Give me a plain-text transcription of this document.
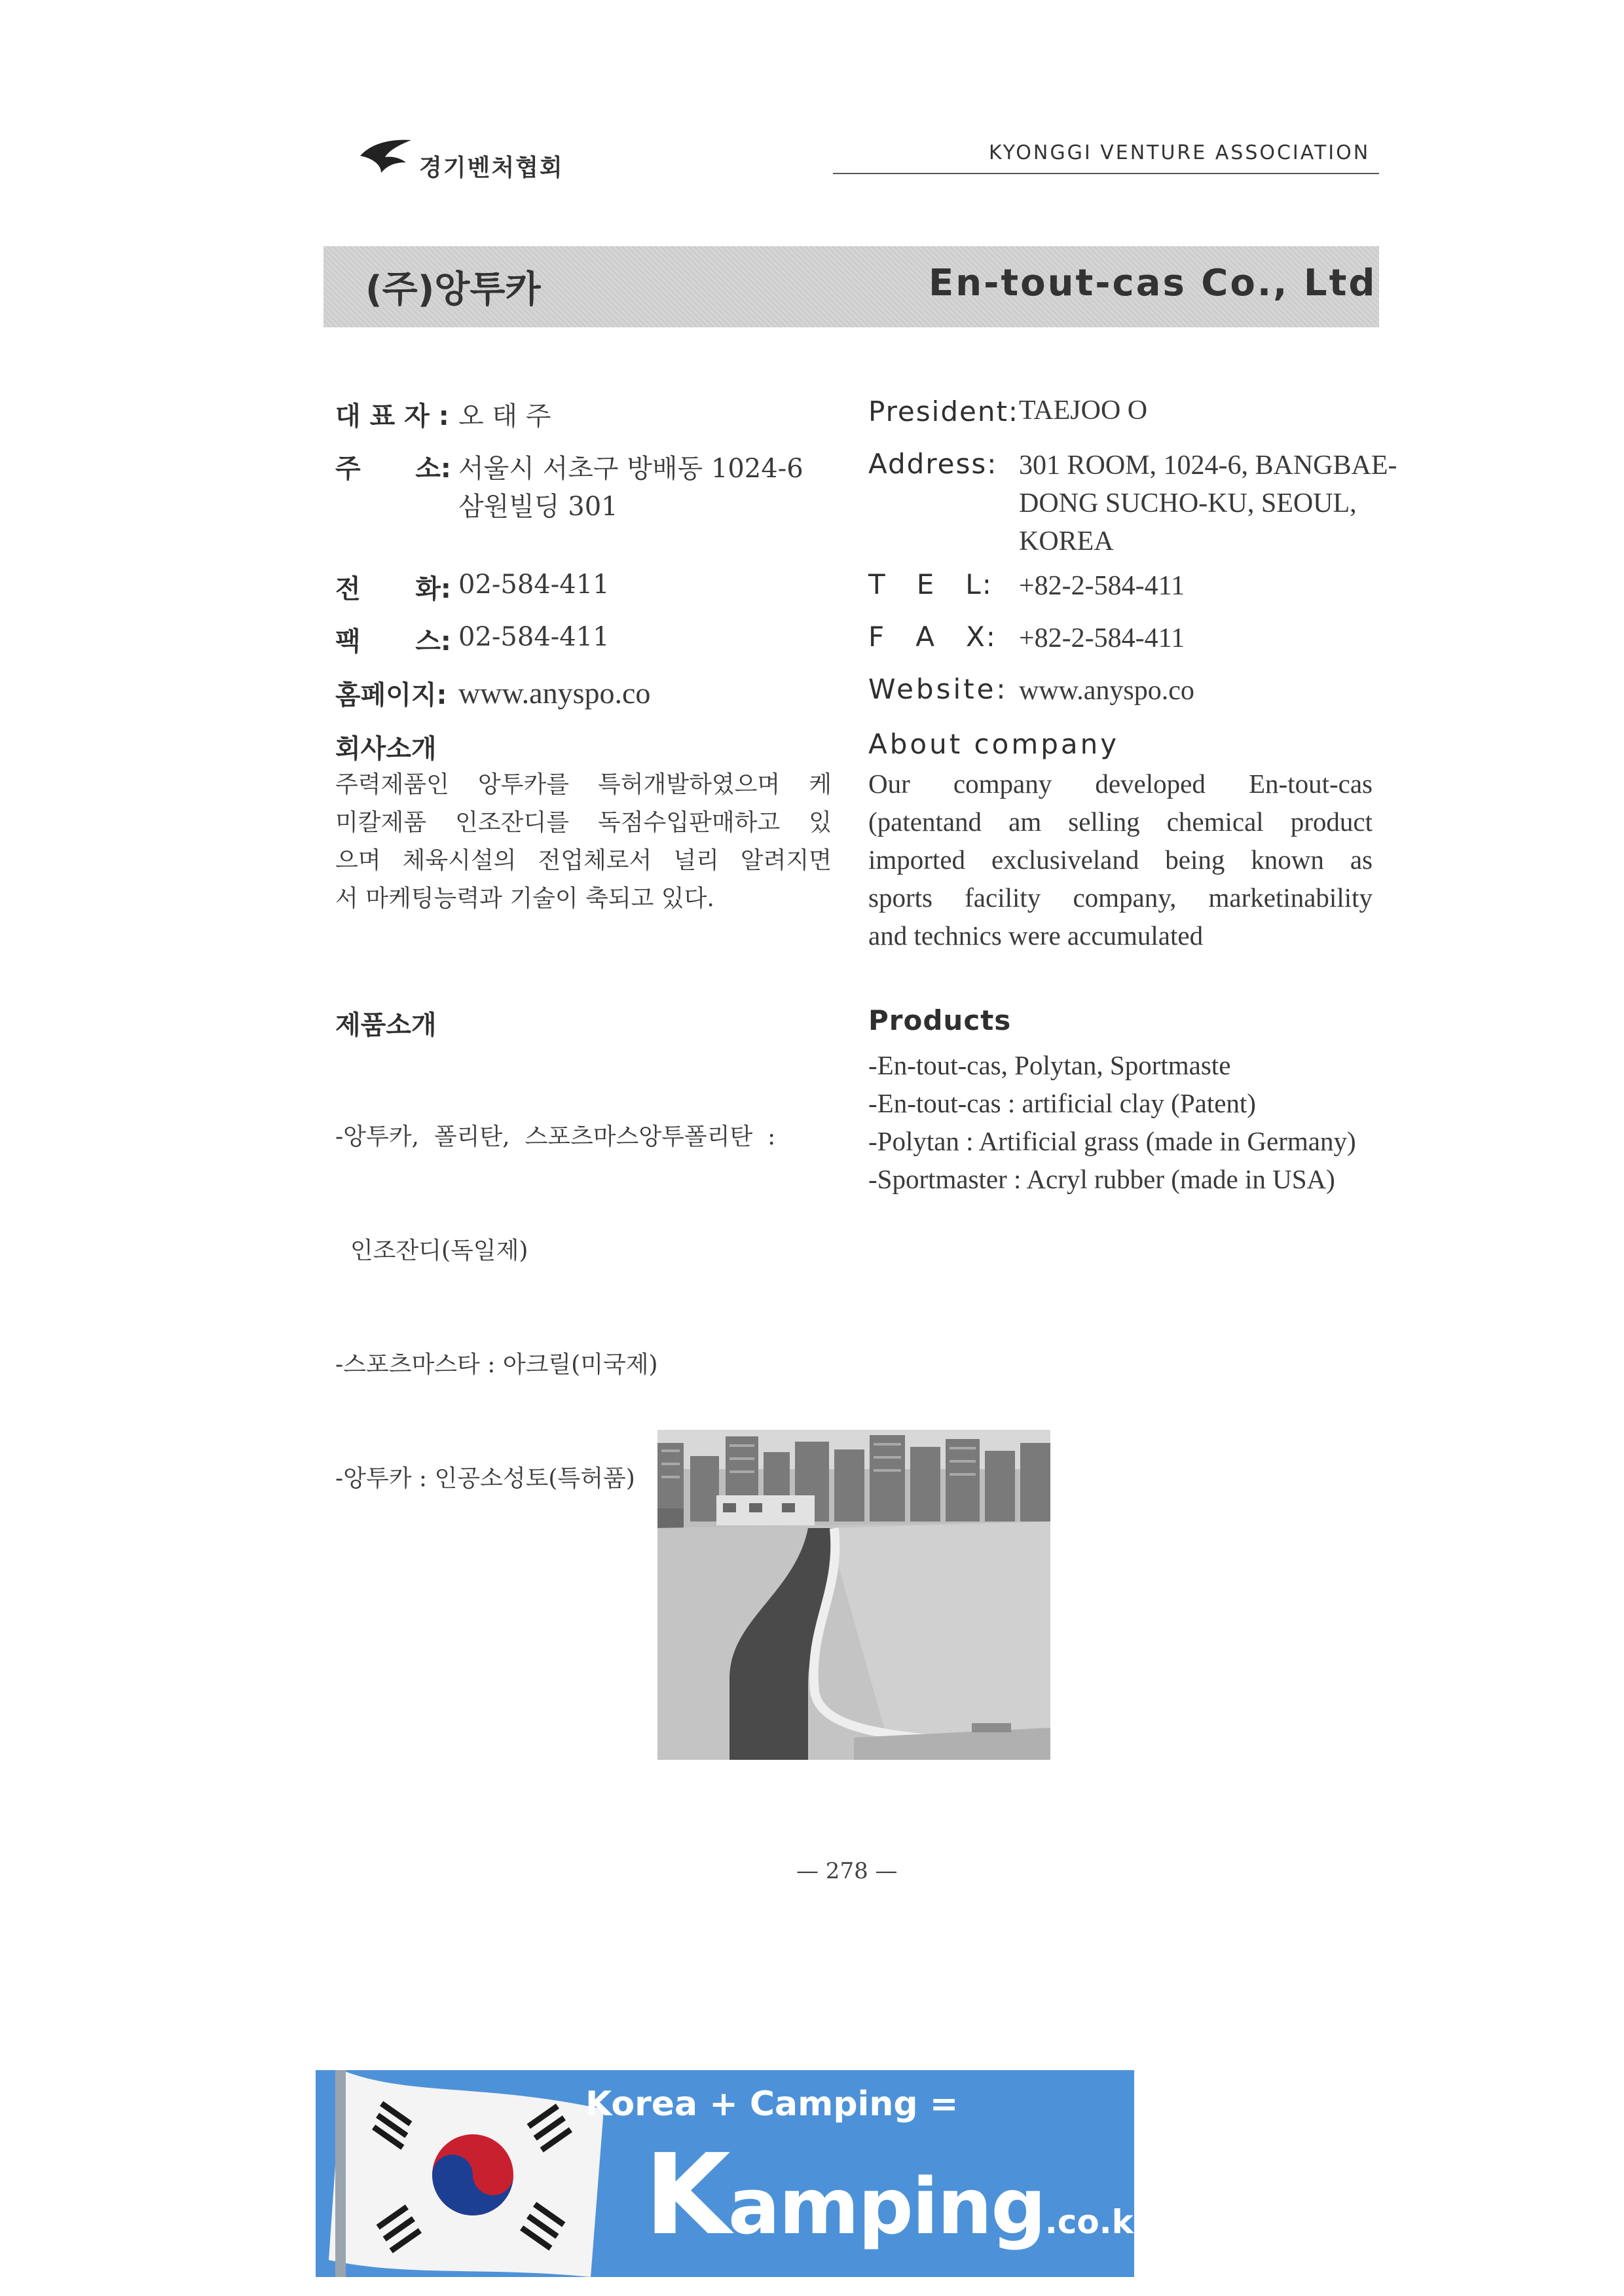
경기벤처협회
KYONGGI VENTURE ASSOCIATION
(주)앙투카	En-tout-cas Co., Ltd
대 표 자 : 오 태 주
주      소: 서울시 서초구 방배동 1024-6
삼원빌딩 301
전      화: 02-584-411
팩      스: 02-584-411
홈페이지: www.anyspo.co
President: TAEJOO O
Address: 301 ROOM, 1024-6, BANGBAE-
DONG SUCHO-KU, SEOUL,
KOREA
T   E   L: +82-2-584-411
F   A   X: +82-2-584-411
Website: www.anyspo.co
회사소개
주력제품인 앙투카를 특허개발하였으며 케
미칼제품 인조잔디를 독점수입판매하고 있
으며 체육시설의 전업체로서 널리 알려지면
서 마케팅능력과 기술이 축되고 있다.
About company
Our company developed En-tout-cas
(patentand am selling chemical product
imported exclusiveland being known as
sports facility company, marketinability
and technics were accumulated
제품소개

-앙투카,  폴리탄,  스포츠마스앙투폴리탄  :

인조잔디(독일제)

-스포츠마스타 : 아크릴(미국제)

-앙투카 : 인공소성토(특허품)

Products
-En-tout-cas, Polytan, Sportmaste
-En-tout-cas : artificial clay (Patent)
-Polytan : Artificial grass (made in Germany)
-Sportmaster : Acryl rubber (made in USA)
— 278 —
Korea + Camping =
Kamping.co.kr
